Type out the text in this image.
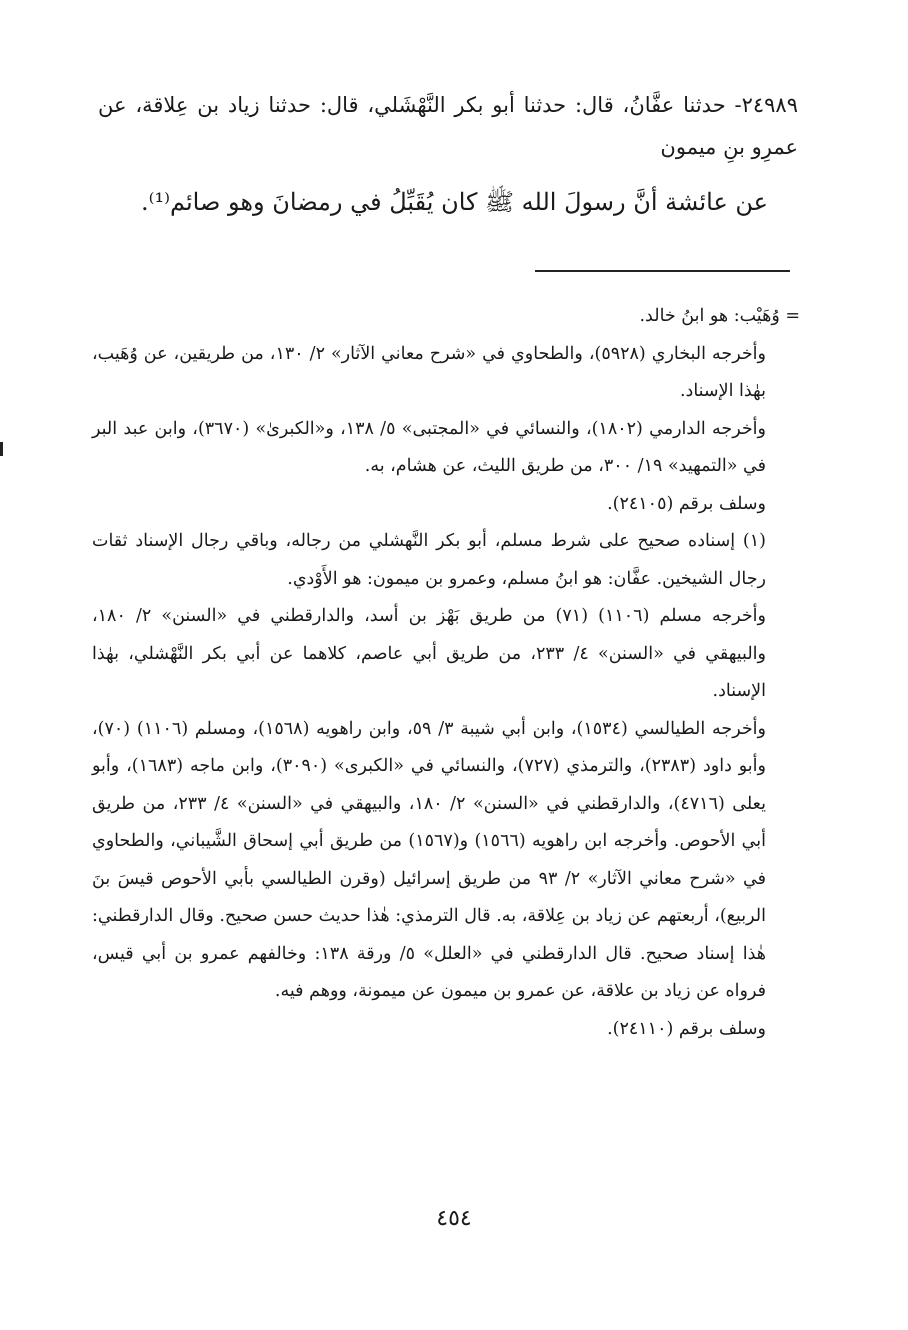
٢٤٩٨٩- حدثنا عفَّانُ، قال: حدثنا أبو بكر النَّهْشَلي، قال: حدثنا زياد بن عِلاقة، عن عمرِو بنِ ميمون
عن عائشة أنَّ رسولَ الله ﷺ كان يُقَبِّلُ في رمضانَ وهو صائم⁽¹⁾.

= وُهَيْب: هو ابنُ خالد.

وأخرجه البخاري (٥٩٢٨)، والطحاوي في «شرح معاني الآثار» ٢/ ١٣٠، من طريقين، عن وُهَيب، بهٰذا الإسناد.

وأخرجه الدارمي (١٨٠٢)، والنسائي في «المجتبى» ٥/ ١٣٨، و«الكبرىٰ» (٣٦٧٠)، وابن عبد البر في «التمهيد» ١٩/ ٣٠٠، من طريق الليث، عن هشام، به.

وسلف برقم (٢٤١٠٥).

(١) إسناده صحيح على شرط مسلم، أبو بكر النَّهشلي من رجاله، وباقي رجال الإسناد ثقات رجال الشيخين. عفَّان: هو ابنُ مسلم، وعمرو بن ميمون: هو الأَوْدي.

وأخرجه مسلم (١١٠٦) (٧١) من طريق بَهْز بن أسد، والدارقطني في «السنن» ٢/ ١٨٠، والبيهقي في «السنن» ٤/ ٢٣٣، من طريق أبي عاصم، كلاهما عن أبي بكر النَّهْشلي، بهٰذا الإسناد.

وأخرجه الطيالسي (١٥٣٤)، وابن أبي شيبة ٣/ ٥٩، وابن راهويه (١٥٦٨)، ومسلم (١١٠٦) (٧٠)، وأبو داود (٢٣٨٣)، والترمذي (٧٢٧)، والنسائي في «الكبرى» (٣٠٩٠)، وابن ماجه (١٦٨٣)، وأبو يعلى (٤٧١٦)، والدارقطني في «السنن» ٢/ ١٨٠، والبيهقي في «السنن» ٤/ ٢٣٣، من طريق أبي الأحوص. وأخرجه ابن راهويه (١٥٦٦) و(١٥٦٧) من طريق أبي إسحاق الشَّيباني، والطحاوي في «شرح معاني الآثار» ٢/ ٩٣ من طريق إسرائيل (وقرن الطيالسي بأبي الأحوص قيسَ بنَ الربيع)، أربعتهم عن زياد بن عِلاقة، به. قال الترمذي: هٰذا حديث حسن صحيح. وقال الدارقطني: هٰذا إسناد صحيح. قال الدارقطني في «العلل» ٥/ ورقة ١٣٨: وخالفهم عمرو بن أبي قيس، فرواه عن زياد بن علاقة، عن عمرو بن ميمون عن ميمونة، ووهم فيه.

وسلف برقم (٢٤١١٠).

٤٥٤
